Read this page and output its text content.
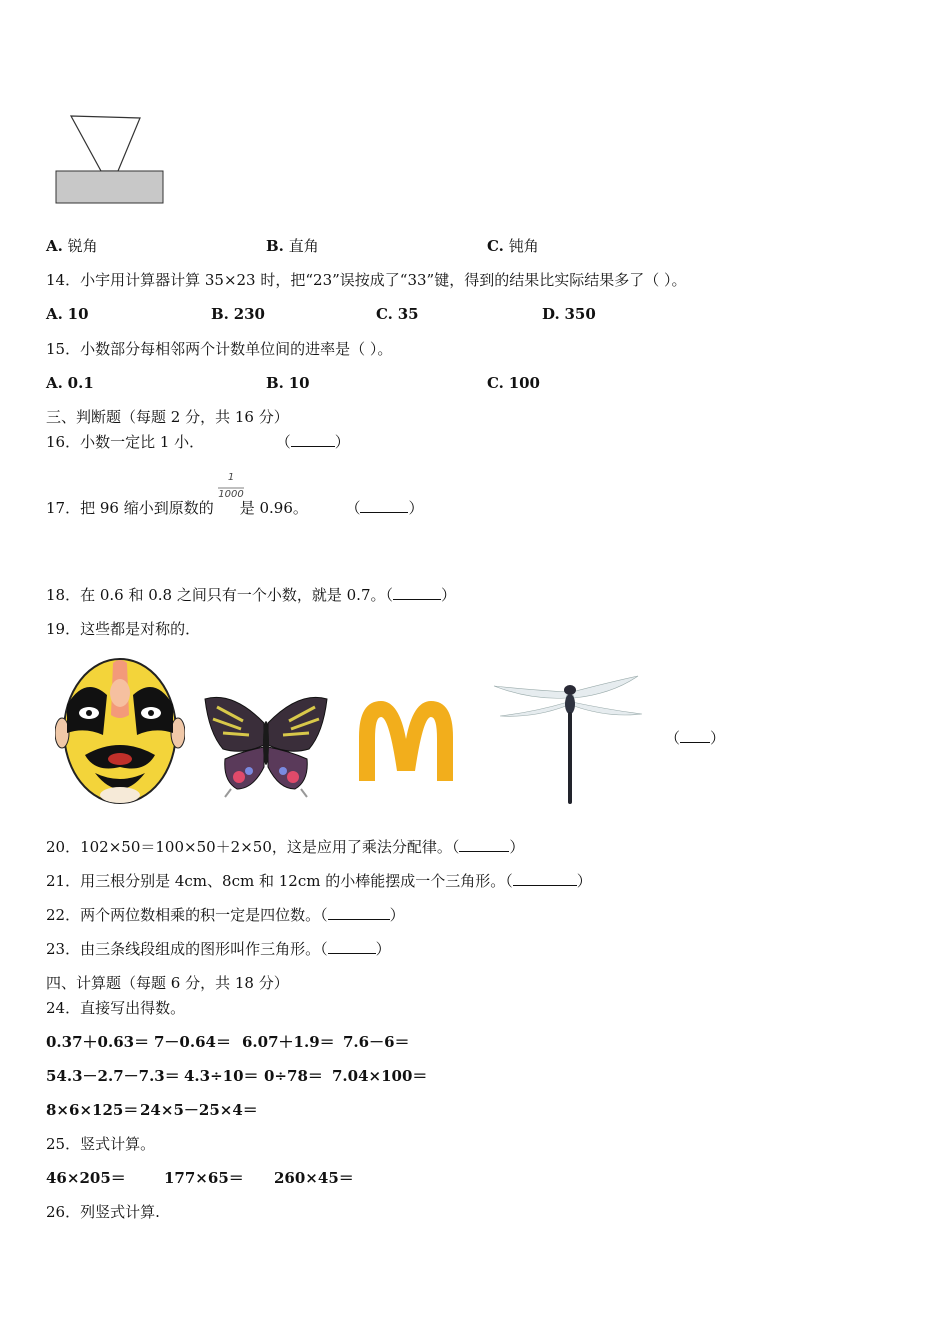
A. 锐角	B. 直角	C. 钝角
14．小宇用计算器计算 35×23 时，把“23”误按成了“33”键，得到的结果比实际结果多了（ ）。
A. 10	B. 230	C. 35	D. 350
15．小数部分每相邻两个计数单位间的进率是（ ）。
A. 0.1	B. 10	C. 100
三、判断题（每题 2 分，共 16 分）
16．小数一定比 1 小．	（	）
1
1000
17．把 96 缩小到原数的 是 0.96。	（	）
18．在 0.6 和 0.8 之间只有一个小数，就是 0.7。（	）
19．这些都是对称的．
（ ）
20．102×50＝100×50＋2×50，这是应用了乘法分配律。（	）
21．用三根分别是 4cm、8cm 和 12cm 的小棒能摆成一个三角形。（	）
22．两个两位数相乘的积一定是四位数。（	）
23．由三条线段组成的图形叫作三角形。（	）
四、计算题（每题 6 分，共 18 分）
24．直接写出得数。
0.37＋0.63＝ 7－0.64＝ 6.07＋1.9＝ 7.6－6＝
54.3－2.7－7.3＝ 4.3÷10＝ 0÷78＝ 7.04×100＝
8×6×125＝ 24×5－25×4＝
25．竖式计算。
46×205＝	177×65＝ 260×45＝
26．列竖式计算.
